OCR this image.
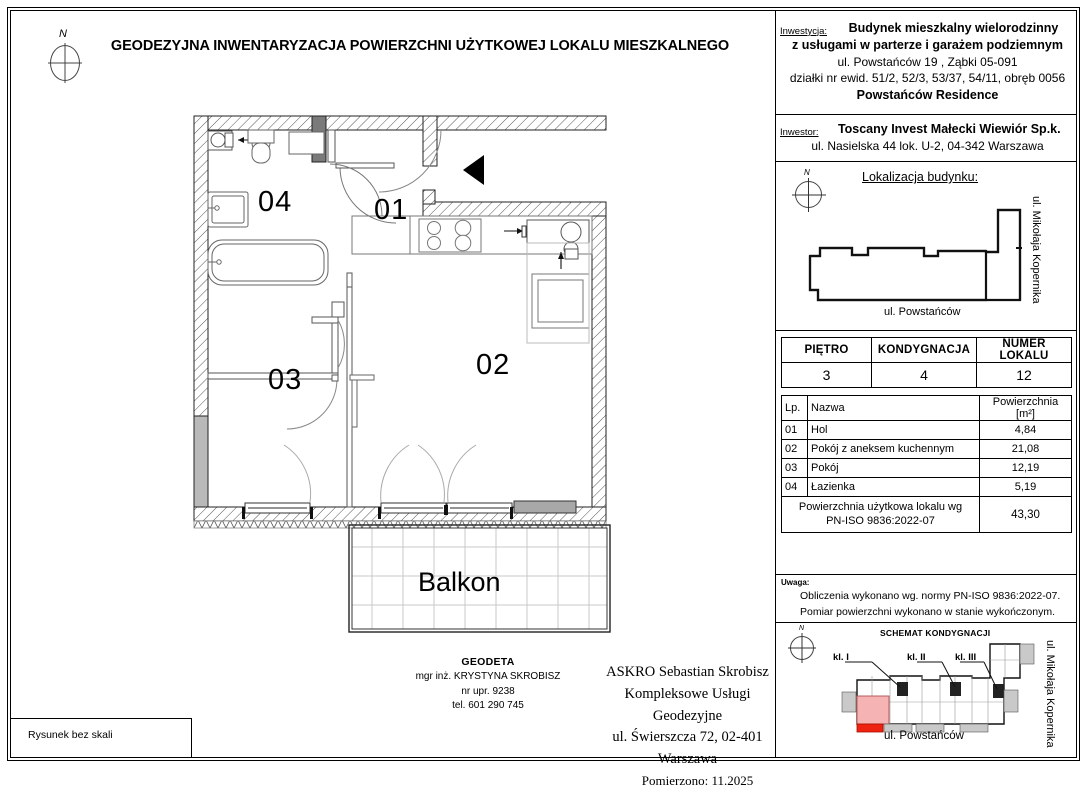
GEODEZYJNA INWENTARYZACJA POWIERZCHNI UŻYTKOWEJ LOKALU MIESZKALNEGO
N
04	01
03	02
Balkon
Rysunek bez skali
GEODETA
mgr inż. KRYSTYNA SKROBISZ
nr upr. 9238
tel. 601 290 745
ASKRO Sebastian Skrobisz
Kompleksowe Usługi Geodezyjne
ul. Świerszcza 72, 02-401 Warszawa
Pomierzono: 11.2025
Inwestycja:	Budynek mieszkalny wielorodzinny
z usługami w parterze i garażem podziemnym
ul. Powstańców 19 , Ząbki 05-091
działki nr ewid. 51/2, 52/3, 53/37, 54/11, obręb 0056
Powstańców Residence
Inwestor:	Toscany Invest Małecki Wiewiór Sp.k.
ul. Nasielska 44 lok. U-2, 04-342 Warszawa
Lokalizacja budynku:
N
ul. Powstańców
ul. Mikołaja Kopernika
PIĘTRO	KONDYGNACJA	NUMER LOKALU
3	4	12
Lp.	Nazwa	Powierzchnia [m²]
01	Hol	4,84
02	Pokój z aneksem kuchennym	21,08
03	Pokój	12,19
04	Łazienka	5,19
Powierzchnia użytkowa lokalu wg
PN-ISO 9836:2022-07		43,30
Uwaga:
Obliczenia wykonano wg. normy PN-ISO 9836:2022-07.
Pomiar powierzchni wykonano w stanie wykończonym.
SCHEMAT KONDYGNACJI
N
kl. I	kl. II	kl. III
ul. Powstańców	ul. Mikołaja Kopernika
